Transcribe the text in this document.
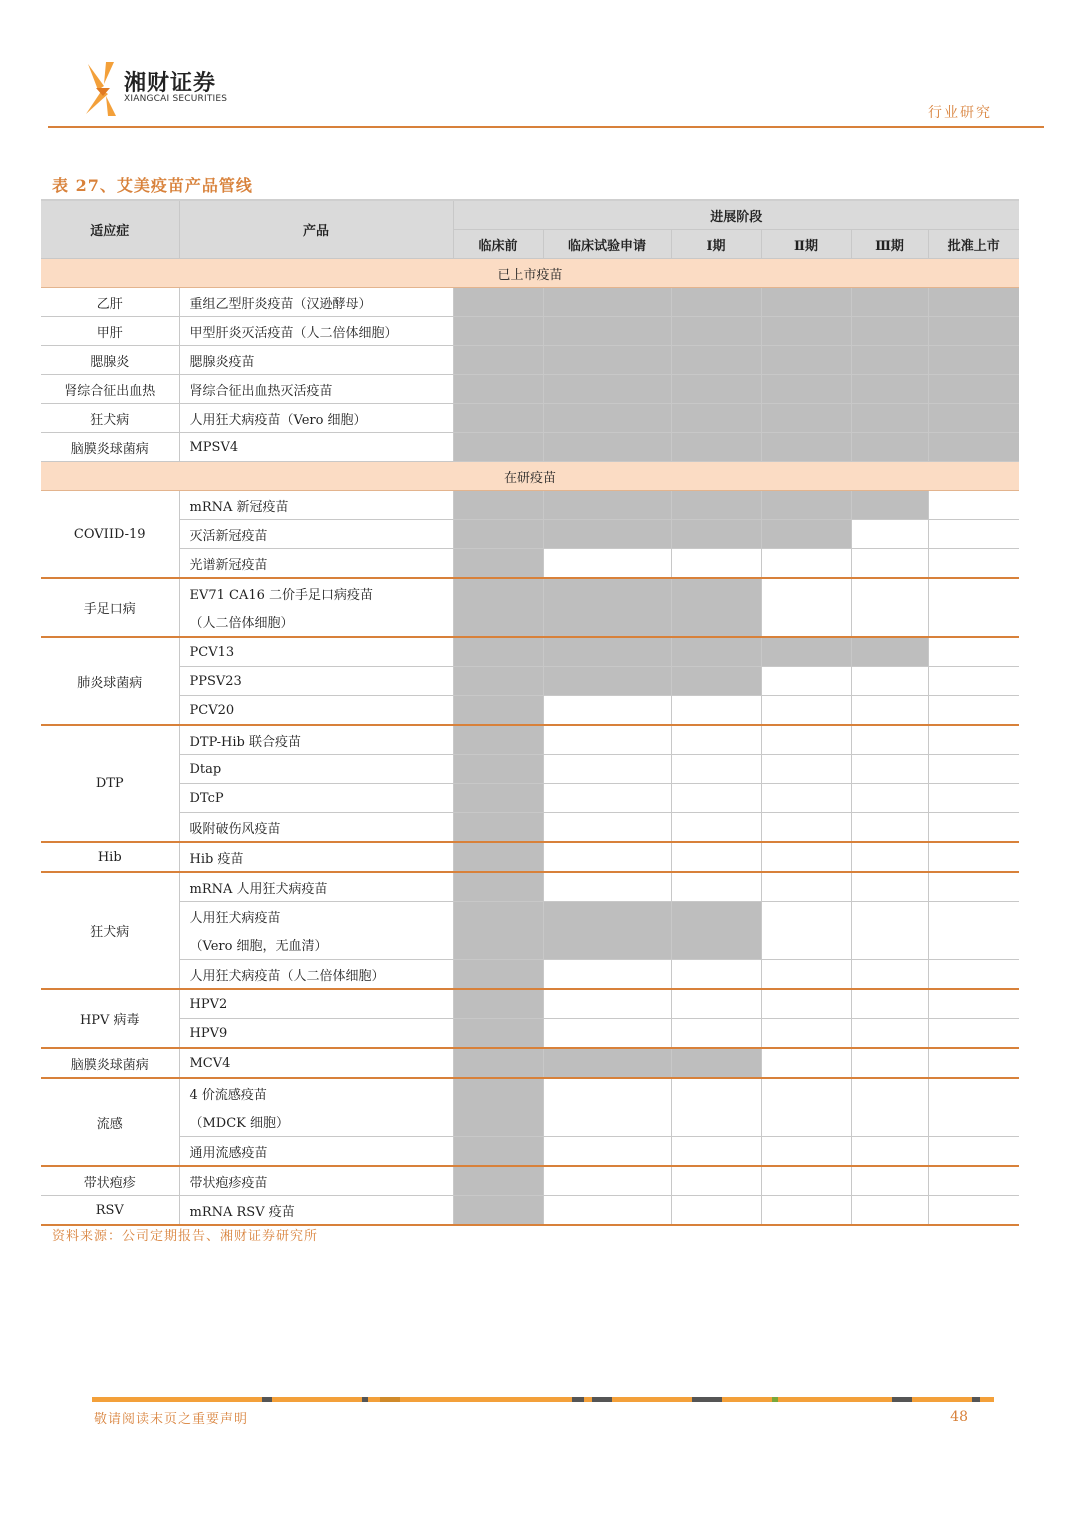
湘财证券
XIANGCAI SECURITIES
行业研究
表 27、艾美疫苗产品管线
适应症	产品	进展阶段					
		临床前	临床试验申请	Ⅰ期	Ⅱ期	Ⅲ期	批准上市
已上市疫苗							
乙肝	重组乙型肝炎疫苗（汉逊酵母）						
甲肝	甲型肝炎灭活疫苗（人二倍体细胞）						
腮腺炎	腮腺炎疫苗						
肾综合征出血热	肾综合征出血热灭活疫苗						
狂犬病	人用狂犬病疫苗（Vero 细胞）						
脑膜炎球菌病	MPSV4						
在研疫苗							
COVIID-19	mRNA 新冠疫苗						
	灭活新冠疫苗						
	光谱新冠疫苗						
手足口病	EV71 CA16 二价手足口病疫苗
（人二倍体细胞）						

肺炎球菌病	PCV13						
	PPSV23						
	PCV20						
DTP	DTP-Hib 联合疫苗						
	Dtap						
	DTcP						
	吸附破伤风疫苗						
Hib	Hib 疫苗						
狂犬病	mRNA 人用狂犬病疫苗						
	人用狂犬病疫苗
（Vero 细胞，无血清）						

	人用狂犬病疫苗（人二倍体细胞）						
HPV 病毒	HPV2						
	HPV9						
脑膜炎球菌病	MCV4						
流感	4 价流感疫苗
（MDCK 细胞）						

	通用流感疫苗						
带状疱疹	带状疱疹疫苗						
RSV	mRNA RSV 疫苗						
资料来源：公司定期报告、湘财证券研究所
敬请阅读末页之重要声明	48
